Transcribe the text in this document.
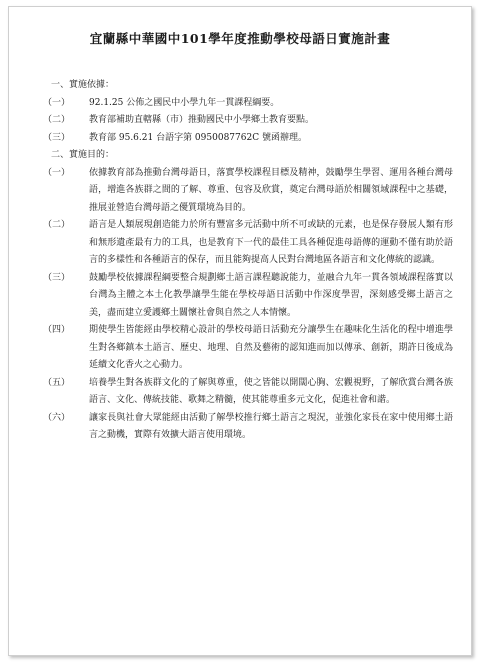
宜蘭縣中華國中101學年度推動學校母語日實施計畫
一、實施依據：
（一）	92.1.25 公佈之國民中小學九年一貫課程綱要。
（二）	教育部補助直轄縣（市）推動國民中小學鄉土教育要點。
（三）	教育部 95.6.21 台語字第 0950087762C 號函辦理。
二、實施目的：
（一）	依據教育部為推動台灣母語日，落實學校課程目標及精神，鼓勵學生學習、運用各種台灣母語，增進各族群之間的了解、尊重、包容及欣賞，奠定台灣母語於相關領域課程中之基礎，推展並營造台灣母語之優質環境為目的。
（二）	語言是人類展現創造能力於所有豐富多元活動中所不可或缺的元素，也是保存發展人類有形和無形遺產最有力的工具，也是教育下一代的最佳工具各種促進母語傳的運動不僅有助於語言的多樣性和各種語言的保存，而且能夠提高人民對台灣地區各語言和文化傳統的認識。
（三）	鼓勵學校依據課程綱要整合規劃鄉土語言課程聽說能力，並融合九年一貫各領域課程落實以台灣為主體之本土化教學讓學生能在學校母語日活動中作深度學習，深刻感受鄉土語言之美，盡而建立愛護鄉土關懷社會與自然之人本情懷。
（四）	期使學生皆能經由學校精心設計的學校母語日活動充分讓學生在趣味化生活化的程中增進學生對各鄉鎮本土語言、歷史、地理、自然及藝術的認知進而加以傳承、創新，期許日後成為延續文化香火之心動力。
（五）	培養學生對各族群文化的了解與尊重，使之皆能以開闊心胸、宏觀視野，了解欣賞台灣各族語言、文化、傳統技能、歌舞之精髓，使其能尊重多元文化，促進社會和諧。
（六）	讓家長與社會大眾能經由活動了解學校推行鄉土語言之現況，並強化家長在家中使用鄉土語言之動機，實際有效擴大語言使用環境。
